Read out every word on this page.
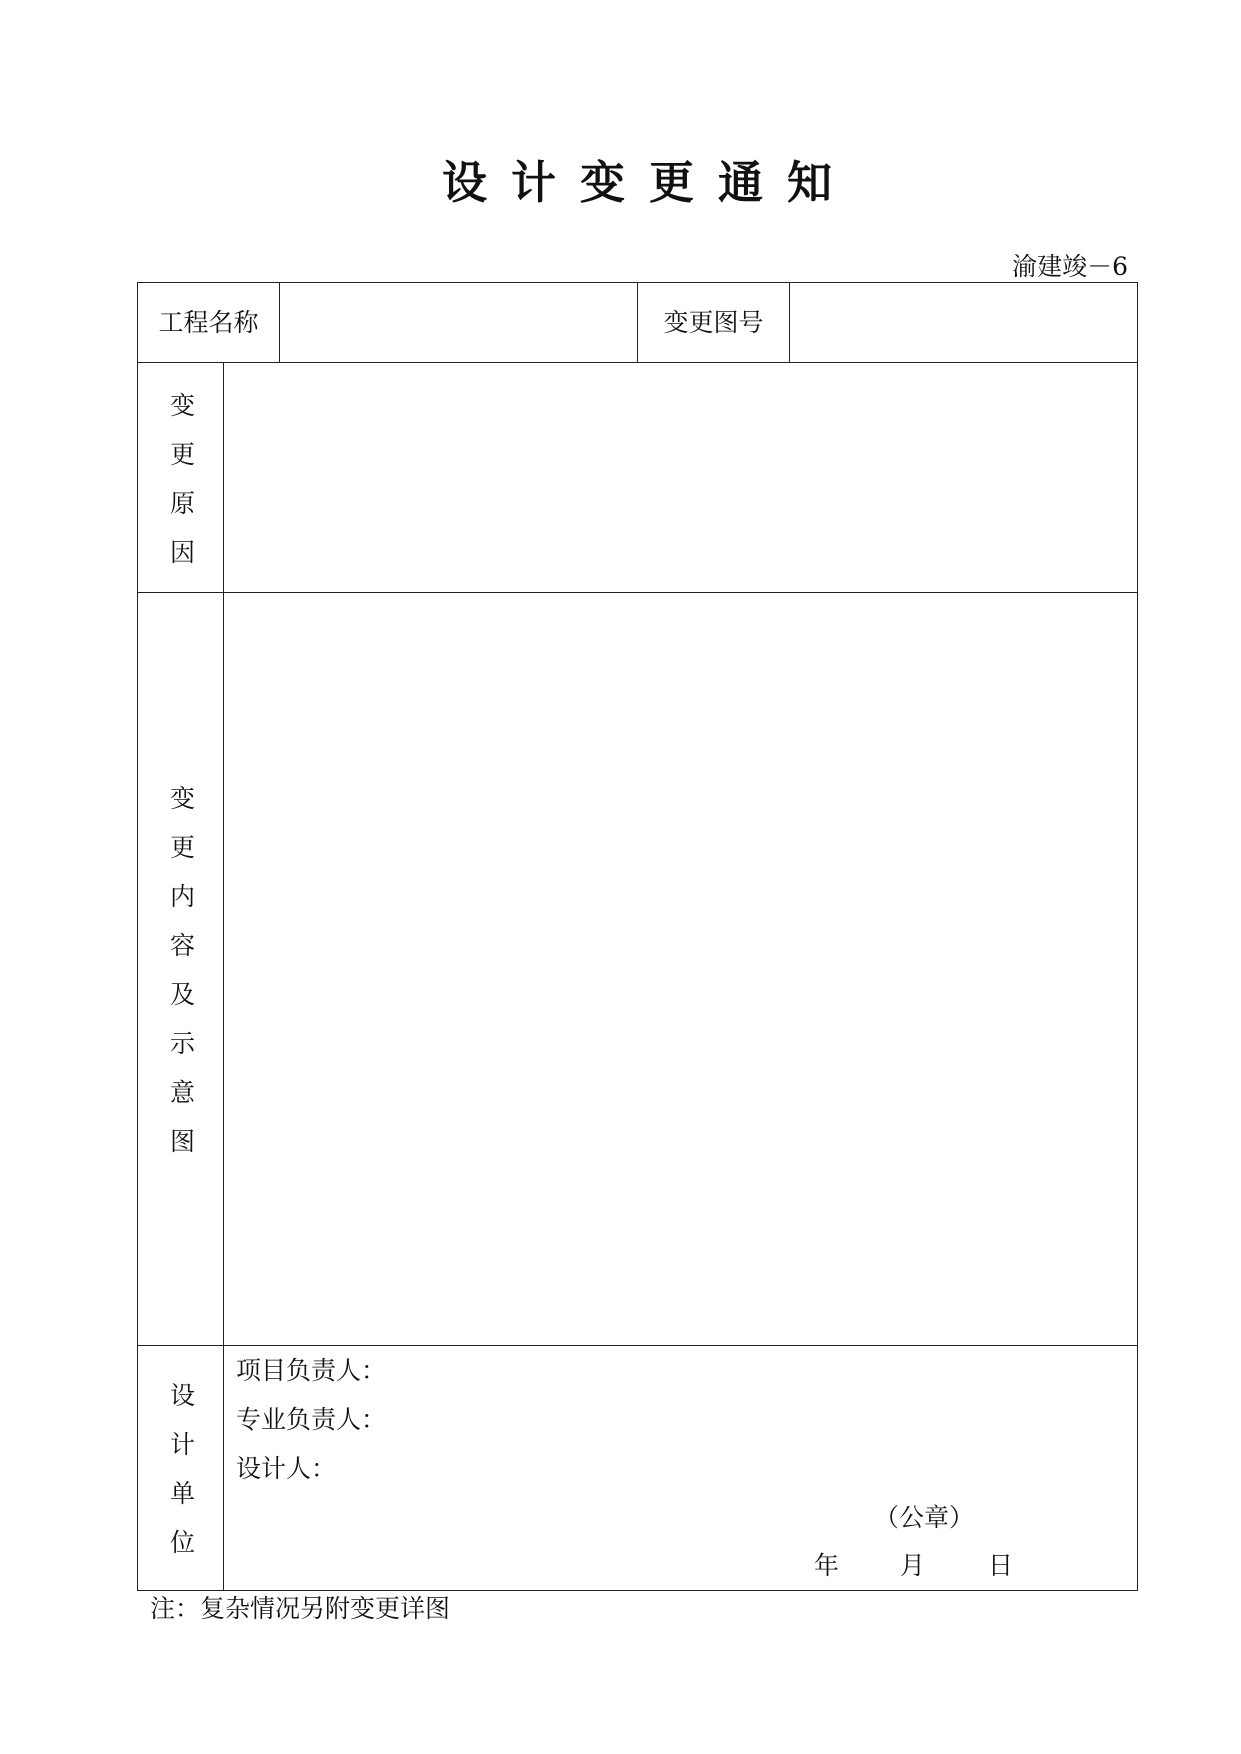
设计变更通知
渝建竣－6
工程名称	变更图号
变更原因
变更内容及示意图
设计单位
项目负责人：
专业负责人：
设计人：
（公章）
年 月	日
注：复杂情况另附变更详图
